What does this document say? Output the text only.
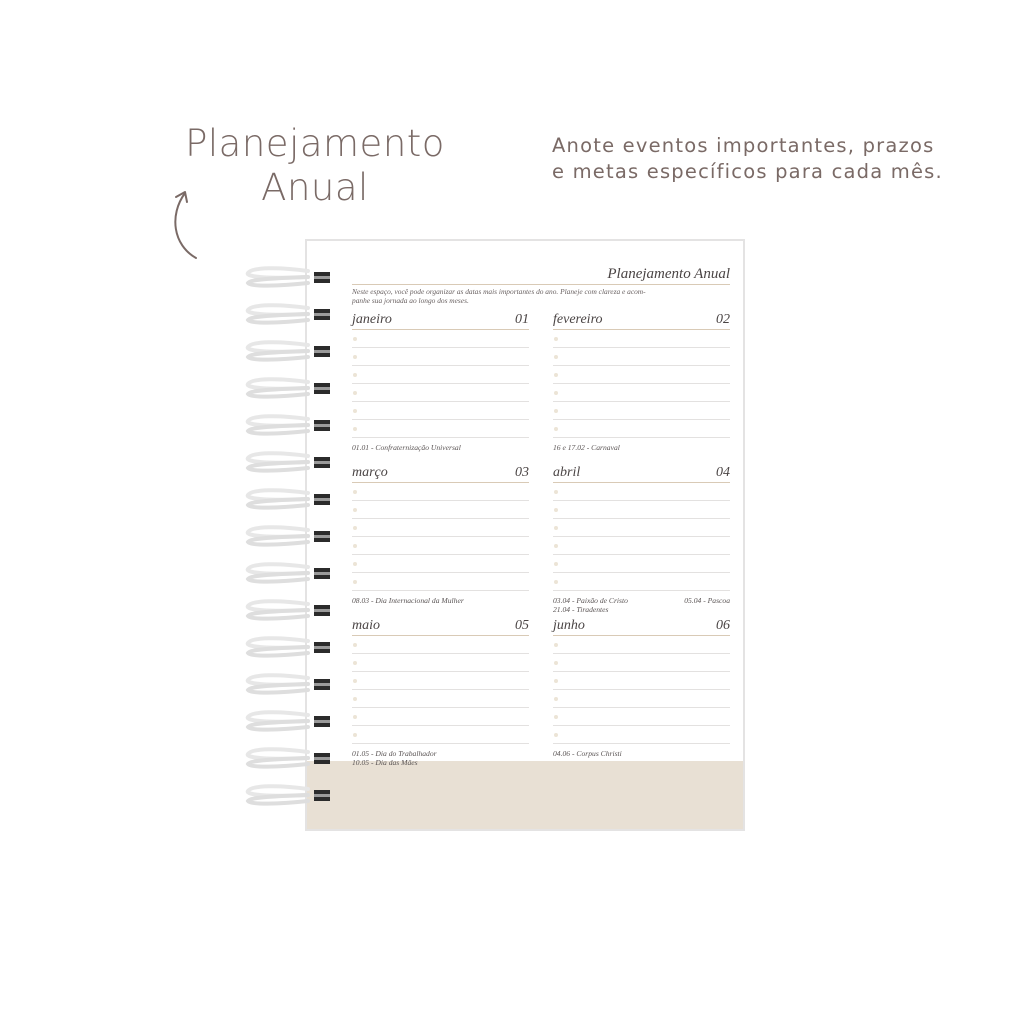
Planejamento
Anual
Anote eventos importantes, prazos
e metas específicos para cada mês.
Planejamento Anual
Neste espaço, você pode organizar as datas mais importantes do ano. Planeje com clareza e acom-
panhe sua jornada ao longo dos meses.
janeiro	01
01.01 - Confraternização Universal
fevereiro	02
16 e 17.02 - Carnaval
março	03
08.03 - Dia Internacional da Mulher
abril	04
03.04 - Paixão de Cristo	05.04 - Pascoa
21.04 - Tiradentes
maio	05
01.05 - Dia do Trabalhador
10.05 - Dia das Mães
junho	06
04.06 - Corpus Christi
